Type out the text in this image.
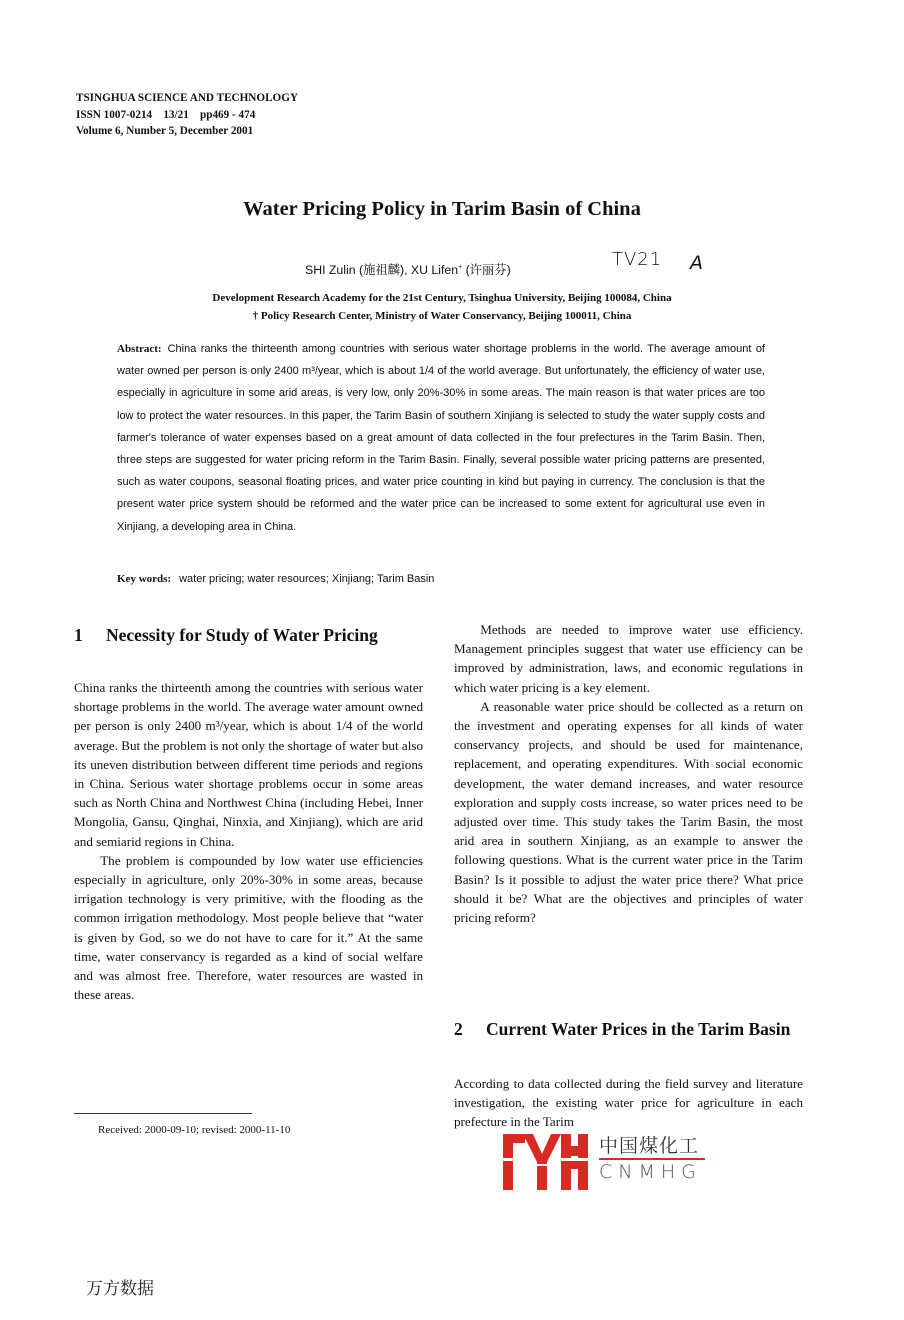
TSINGHUA SCIENCE AND TECHNOLOGY
ISSN 1007-0214    13/21    pp469 - 474
Volume 6, Number 5, December 2001
Water Pricing Policy in Tarim Basin of China
SHI Zulin (施祖麟), XU Lifen+ (许丽芬)	TV21 A
Development Research Academy for the 21st Century, Tsinghua University, Beijing 100084, China
† Policy Research Center, Ministry of Water Conservancy, Beijing 100011, China
Abstract: China ranks the thirteenth among countries with serious water shortage problems in the world. The average amount of water owned per person is only 2400 m³/year, which is about 1/4 of the world average. But unfortunately, the efficiency of water use, especially in agriculture in some arid areas, is very low, only 20%-30% in some areas. The main reason is that water prices are too low to protect the water resources. In this paper, the Tarim Basin of southern Xinjiang is selected to study the water supply costs and farmer's tolerance of water expenses based on a great amount of data collected in the four prefectures in the Tarim Basin. Then, three steps are suggested for water pricing reform in the Tarim Basin. Finally, several possible water pricing patterns are presented, such as water coupons, seasonal floating prices, and water price counting in kind but paying in currency. The conclusion is that the present water price system should be reformed and the water price can be increased to some extent for agricultural use even in Xinjiang, a developing area in China.
Key words: water pricing; water resources; Xinjiang; Tarim Basin
1 Necessity for Study of Water Pricing

China ranks the thirteenth among the countries with serious water shortage problems in the world. The average water amount owned per person is only 2400 m³/year, which is about 1/4 of the world average. But the problem is not only the shortage of water but also its uneven distribution between different time periods and regions in China. Serious water shortage problems occur in some areas such as North China and Northwest China (including Hebei, Inner Mongolia, Gansu, Qinghai, Ninxia, and Xinjiang), which are arid and semiarid regions in China.

The problem is compounded by low water use efficiencies especially in agriculture, only 20%-30% in some areas, because irrigation technology is very primitive, with the flooding as the common irrigation methodology. Most people believe that “water is given by God, so we do not have to care for it.” At the same time, water conservancy is regarded as a kind of social welfare and was almost free. Therefore, water resources are wasted in these areas.

Received: 2000-09-10; revised: 2000-11-10

Methods are needed to improve water use efficiency. Management principles suggest that water use efficiency can be improved by administration, laws, and economic regulations in which water pricing is a key element.

A reasonable water price should be collected as a return on the investment and operating expenses for all kinds of water conservancy projects, and should be used for maintenance, replacement, and operating expenditures. With social economic development, the water demand increases, and water resource exploration and supply costs increase, so water prices need to be adjusted over time. This study takes the Tarim Basin, the most arid area in southern Xinjiang, as an example to answer the following questions. What is the current water price in the Tarim Basin? Is it possible to adjust the water price there? What price should it be? What are the objectives and principles of water pricing reform?

2 Current Water Prices in the Tarim Basin

According to data collected during the field survey and literature investigation, the existing water price for agriculture in each prefecture in the Tarim

中国煤化工
CNMHG
万方数据
